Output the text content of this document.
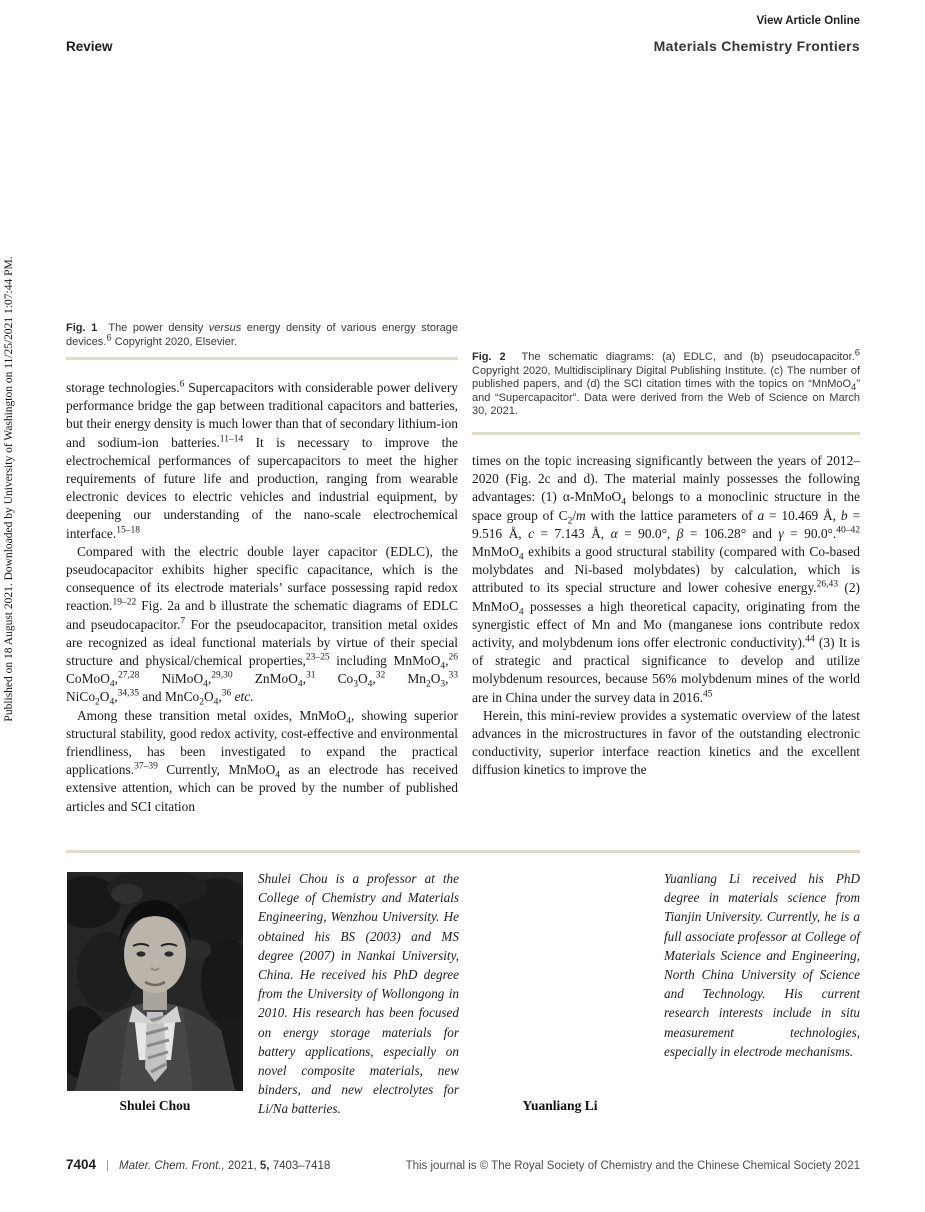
Published on 18 August 2021. Downloaded by University of Washington on 11/25/2021 1:07:44 PM.
View Article Online
Review	Materials Chemistry Frontiers

Fig. 1  The power density versus energy density of various energy storage devices.$^6$ Copyright 2020, Elsevier.

Fig. 2  The schematic diagrams: (a) EDLC, and (b) pseudocapacitor.$^6$ Copyright 2020, Multidisciplinary Digital Publishing Institute. (c) The number of published papers, and (d) the SCI citation times with the topics on “MnMoO$_4$” and “Supercapacitor”. Data were derived from the Web of Science on March 30, 2021.

storage technologies.$^6$ Supercapacitors with considerable power delivery performance bridge the gap between traditional capacitors and batteries, but their energy density is much lower than that of secondary lithium-ion and sodium-ion batteries.$^{11-14}$ It is necessary to improve the electrochemical performances of supercapacitors to meet the higher requirements of future life and production, ranging from wearable electronic devices to electric vehicles and industrial equipment, by deepening our understanding of the nano-scale electrochemical interface.$^{15-18}$

Compared with the electric double layer capacitor (EDLC), the pseudocapacitor exhibits higher specific capacitance, which is the consequence of its electrode materials’ surface possessing rapid redox reaction.$^{19-22}$ Fig. 2a and b illustrate the schematic diagrams of EDLC and pseudocapacitor.$^7$ For the pseudocapacitor, transition metal oxides are recognized as ideal functional materials by virtue of their special structure and physical/chemical properties,$^{23-25}$ including MnMoO$_4$,$^{26}$ CoMoO$_4$,$^{27,28}$ NiMoO$_4$,$^{29,30}$ ZnMoO$_4$,$^{31}$ $Co_3O_4,^{32}$ $Mn_2O_3,^{33}$ $NiCo_2O_4,^{34,35}$ and $MnCo_2O_4,^{36}$ etc.

Among these transition metal oxides, MnMoO$_4$, showing superior structural stability, good redox activity, cost-effective and environmental friendliness, has been investigated to expand the practical applications.$^{37-39}$ Currently, MnMoO$_4$ as an electrode has received extensive attention, which can be proved by the number of published articles and SCI citation

times on the topic increasing significantly between the years of 2012–2020 (Fig. 2c and d). The material mainly possesses the following advantages: (1) α-MnMoO$_4$ belongs to a monoclinic structure in the space group of $C_2/m$ with the lattice parameters of a = 10.469 Å, b = 9.516 Å, c = 7.143 Å, α = 90.0°, β = 106.28° and γ = 90.0°.$^{40-42}$ MnMoO$_4$ exhibits a good structural stability (compared with Co-based molybdates and Ni-based molybdates) by calculation, which is attributed to its special structure and lower cohesive energy.$^{26,43}$ (2) MnMoO$_4$ possesses a high theoretical capacity, originating from the synergistic effect of Mn and Mo (manganese ions contribute redox activity, and molybdenum ions offer electronic conductivity).$^{44}$ (3) It is of strategic and practical significance to develop and utilize molybdenum resources, because 56% molybdenum mines of the world are in China under the survey data in 2016.45

Herein, this mini-review provides a systematic overview of the latest advances in the microstructures in favor of the outstanding electronic conductivity, superior interface reaction kinetics and the excellent diffusion kinetics to improve the

Shulei Chou is a professor at the College of Chemistry and Materials Engineering, Wenzhou University. He obtained his BS (2003) and MS degree (2007) in Nankai University, China. He received his PhD degree from the University of Wollongong in 2010. His research has been focused on energy storage materials for battery applications, especially on novel composite materials, new binders, and new electrolytes for Li/Na batteries.

Shulei Chou

Yuanliang Li received his PhD degree in materials science from Tianjin University. Currently, he is a full associate professor at College of Materials Science and Engineering, North China University of Science and Technology. His current research interests include in situ measurement technologies, especially in electrode mechanisms.

Yuanliang Li

7404 | Mater. Chem. Front., 2021, 5, 7403–7418	This journal is © The Royal Society of Chemistry and the Chinese Chemical Society 2021
